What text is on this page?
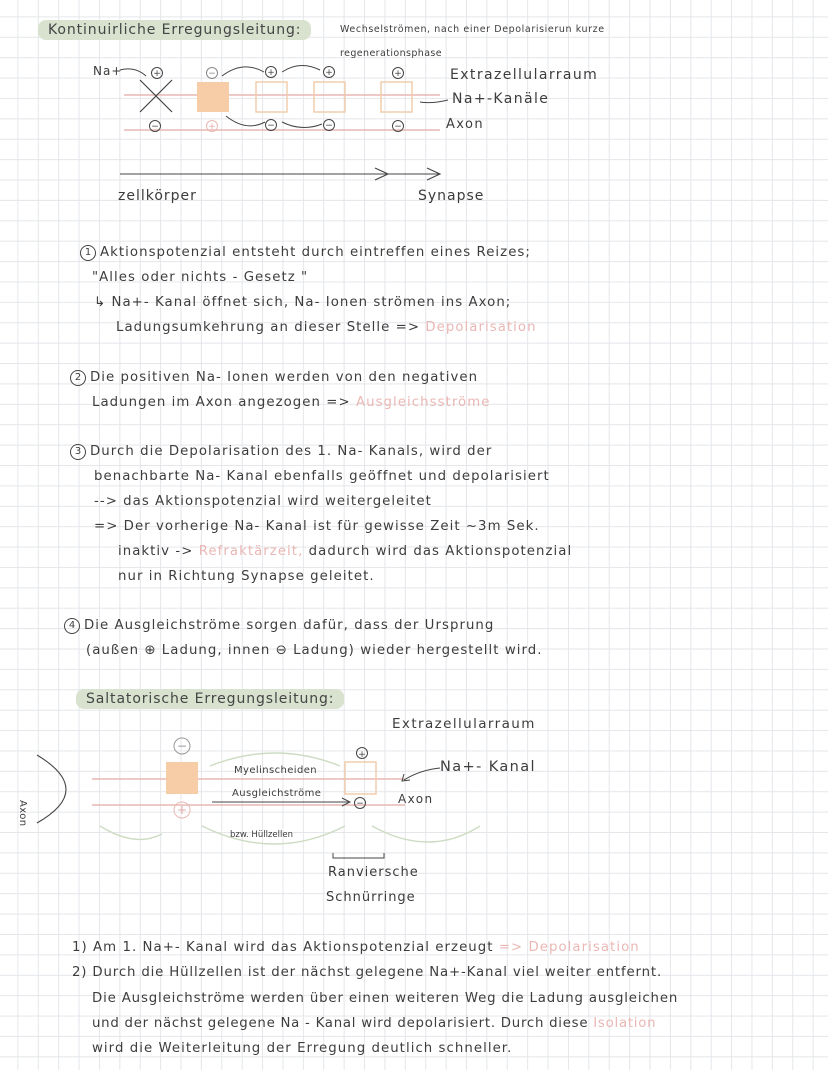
Kontinuirliche Erregungsleitung:	Wechselströmen, nach einer Depolarisierun kurze
regenerationsphase
+	−	+	+	+
−	+	−	−	−
Na+	Extrazellularraum
Na+-Kanäle
Axon
zellkörper	Synapse
1 Aktionspotenzial entsteht durch eintreffen eines Reizes;
"Alles oder nichts - Gesetz "
↳ Na+- Kanal öffnet sich, Na- Ionen strömen ins Axon;
Ladungsumkehrung an dieser Stelle => Depolarisation
2 Die positiven Na- Ionen werden von den negativen
Ladungen im Axon angezogen => Ausgleichsströme
3 Durch die Depolarisation des 1. Na- Kanals, wird der
benachbarte Na- Kanal ebenfalls geöffnet und depolarisiert
--> das Aktionspotenzial wird weitergeleitet
=> Der vorherige Na- Kanal ist für gewisse Zeit ~3m Sek.
inaktiv -> Refraktärzeit, dadurch wird das Aktionspotenzial
nur in Richtung Synapse geleitet.
4 Die Ausgleichströme sorgen dafür, dass der Ursprung
(außen ⊕ Ladung, innen ⊖ Ladung) wieder hergestellt wird.
Saltatorische Erregungsleitung:
−
+
+
−
Extrazellularraum
Na+- Kanal
Axon
Axon
Myelinscheiden
Ausgleichströme
bzw. Hüllzellen
Ranviersche
Schnürringe
1) Am 1. Na+- Kanal wird das Aktionspotenzial erzeugt => Depolarisation
2) Durch die Hüllzellen ist der nächst gelegene Na+-Kanal viel weiter entfernt.
Die Ausgleichströme werden über einen weiteren Weg die Ladung ausgleichen
und der nächst gelegene Na - Kanal wird depolarisiert. Durch diese Isolation
wird die Weiterleitung der Erregung deutlich schneller.
